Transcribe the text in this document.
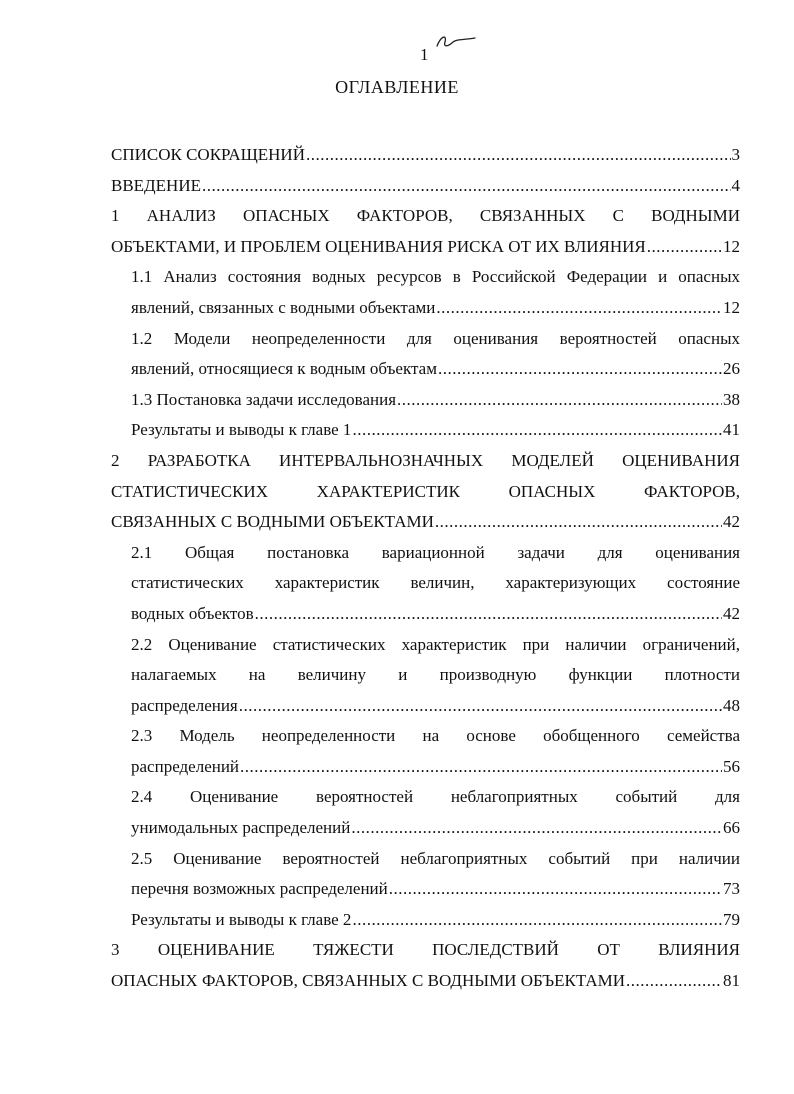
1
ОГЛАВЛЕНИЕ
СПИСОК СОКРАЩЕНИЙ .....	3
ВВЕДЕНИЕ .....	4
1 АНАЛИЗ ОПАСНЫХ ФАКТОРОВ, СВЯЗАННЫХ С ВОДНЫМИ
ОБЪЕКТАМИ, И ПРОБЛЕМ ОЦЕНИВАНИЯ РИСКА ОТ ИХ ВЛИЯНИЯ .....	12
1.1 Анализ состояния водных ресурсов в Российской Федерации и опасных
явлений, связанных с водными объектами .....	12
1.2 Модели неопределенности для оценивания вероятностей опасных
явлений, относящиеся к водным объектам .....	26
1.3 Постановка задачи исследования .....	38
Результаты и выводы к главе 1 .....	41
2 РАЗРАБОТКА ИНТЕРВАЛЬНОЗНАЧНЫХ МОДЕЛЕЙ ОЦЕНИВАНИЯ
СТАТИСТИЧЕСКИХ ХАРАКТЕРИСТИК ОПАСНЫХ ФАКТОРОВ,
СВЯЗАННЫХ С ВОДНЫМИ ОБЪЕКТАМИ .....	42
2.1 Общая постановка вариационной задачи для оценивания
статистических характеристик величин, характеризующих состояние
водных объектов .....	42
2.2 Оценивание статистических характеристик при наличии ограничений,
налагаемых на величину и производную функции плотности
распределения .....	48
2.3 Модель неопределенности на основе обобщенного семейства
распределений .....	56
2.4 Оценивание вероятностей неблагоприятных событий для
унимодальных распределений .....	66
2.5 Оценивание вероятностей неблагоприятных событий при наличии
перечня возможных распределений .....	73
Результаты и выводы к главе 2 .....	79
3 ОЦЕНИВАНИЕ ТЯЖЕСТИ ПОСЛЕДСТВИЙ ОТ ВЛИЯНИЯ
ОПАСНЫХ ФАКТОРОВ, СВЯЗАННЫХ С ВОДНЫМИ ОБЪЕКТАМИ .....	81
